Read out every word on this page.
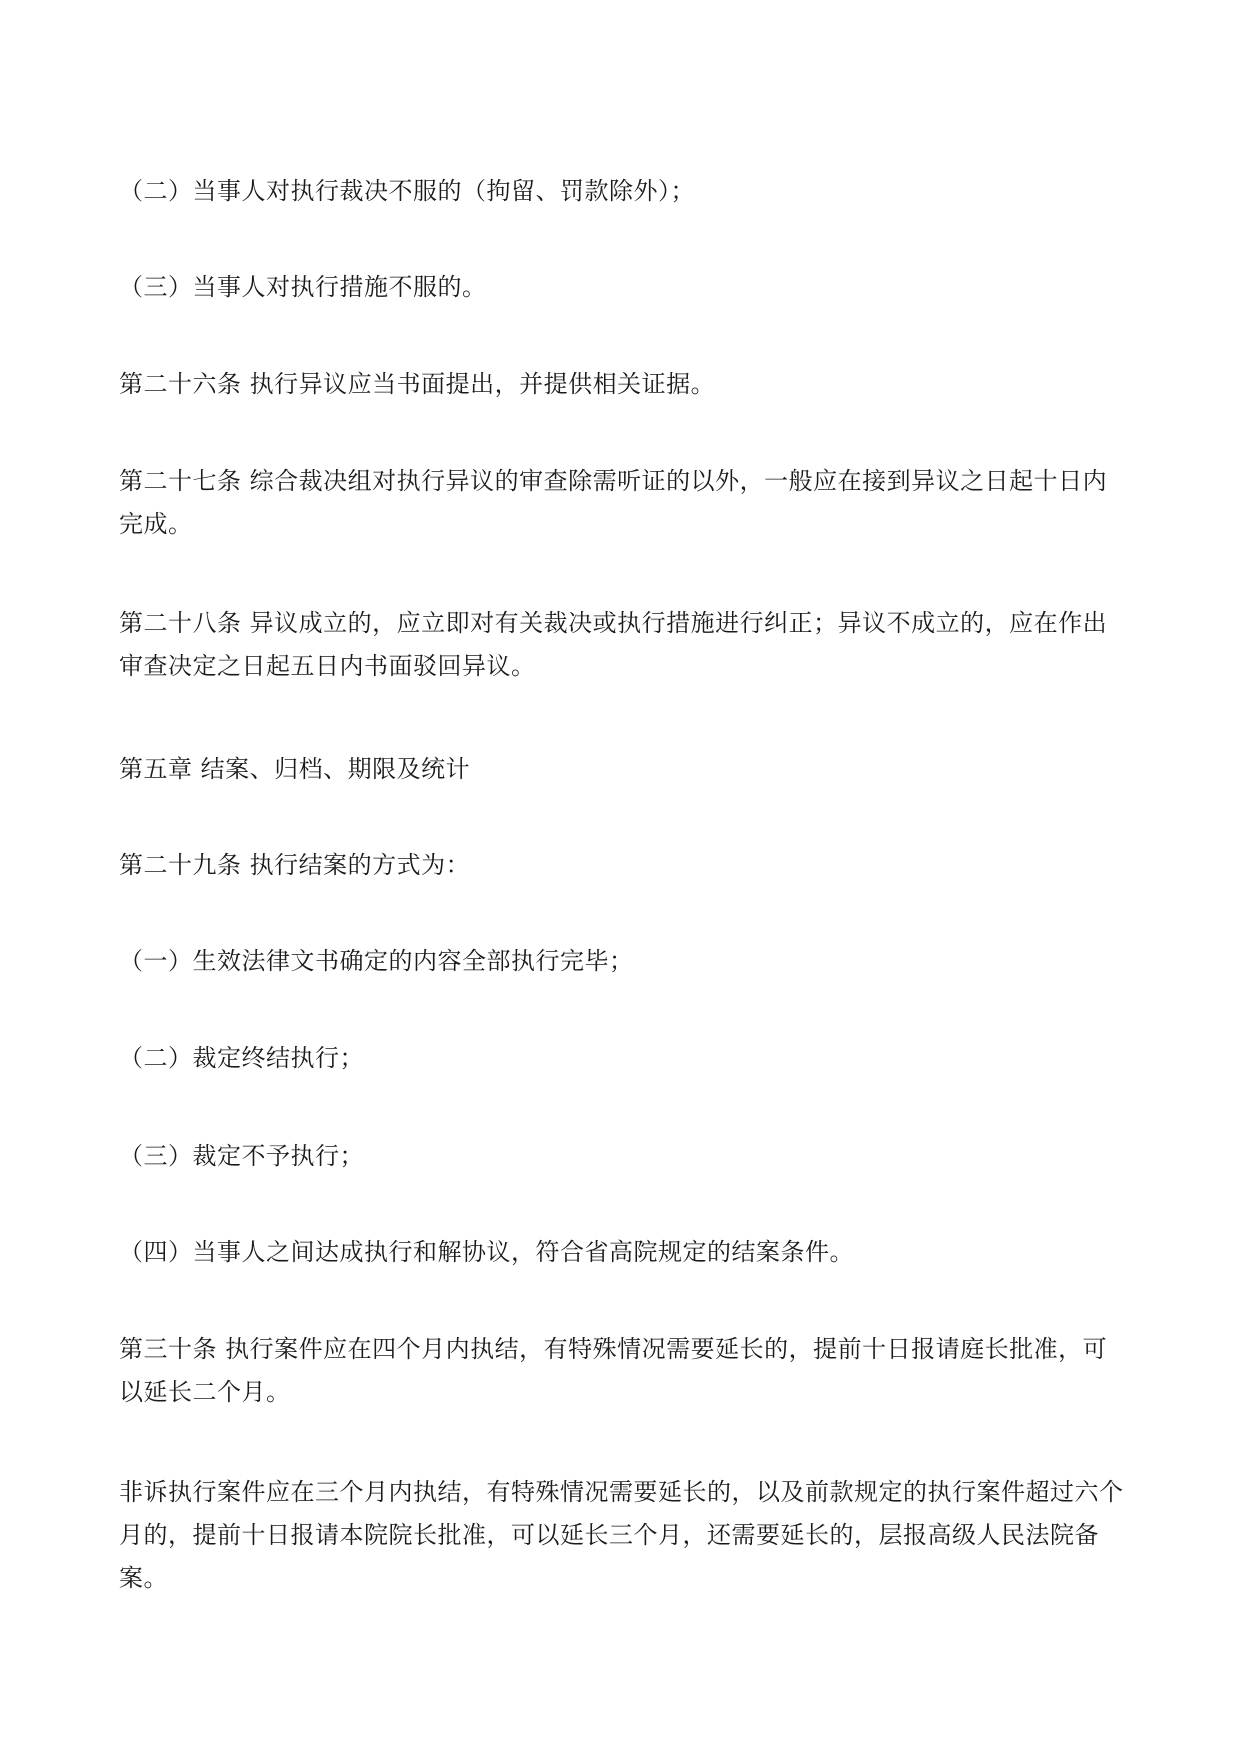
（二）当事人对执行裁决不服的（拘留、罚款除外）；

（三）当事人对执行措施不服的。

第二十六条 执行异议应当书面提出，并提供相关证据。

第二十七条 综合裁决组对执行异议的审查除需听证的以外，一般应在接到异议之日起十日内完成。

第二十八条 异议成立的，应立即对有关裁决或执行措施进行纠正；异议不成立的，应在作出审查决定之日起五日内书面驳回异议。

第五章 结案、归档、期限及统计

第二十九条 执行结案的方式为：

（一）生效法律文书确定的内容全部执行完毕；

（二）裁定终结执行；

（三）裁定不予执行；

（四）当事人之间达成执行和解协议，符合省高院规定的结案条件。

第三十条 执行案件应在四个月内执结，有特殊情况需要延长的，提前十日报请庭长批准，可以延长二个月。

非诉执行案件应在三个月内执结，有特殊情况需要延长的，以及前款规定的执行案件超过六个月的，提前十日报请本院院长批准，可以延长三个月，还需要延长的，层报高级人民法院备案。
